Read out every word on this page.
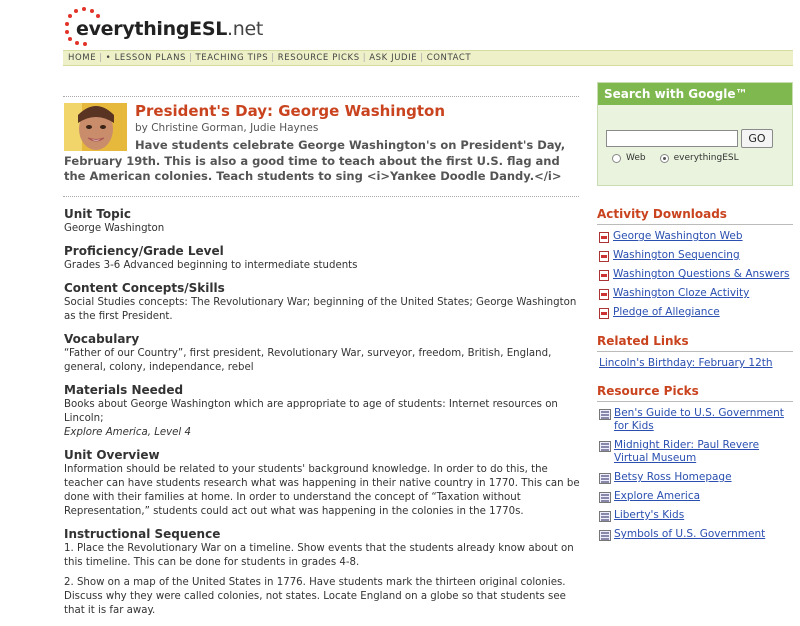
everythingESL.net
HOME | • LESSON PLANS | TEACHING TIPS | RESOURCE PICKS | ASK JUDIE | CONTACT
President's Day: George Washington
by Christine Gorman, Judie Haynes
Have students celebrate George Washington's on President's Day, February 19th. This is also a good time to teach about the first U.S. flag and the American colonies. Teach students to sing <i>Yankee Doodle Dandy.</i>
Unit Topic
George Washington
Proficiency/Grade Level
Grades 3-6 Advanced beginning to intermediate students
Content Concepts/Skills
Social Studies concepts: The Revolutionary War; beginning of the United States; George Washington as the first President.
Vocabulary
“Father of our Country”, first president, Revolutionary War, surveyor, freedom, British, England, general, colony, independance, rebel
Materials Needed
Books about George Washington which are appropriate to age of students: Internet resources on Lincoln;
Explore America, Level 4
Unit Overview
Information should be related to your students' background knowledge. In order to do this, the teacher can have students research what was happening in their native country in 1770. This can be done with their families at home. In order to understand the concept of “Taxation without Representation,” students could act out what was happening in the colonies in the 1770s.
Instructional Sequence

1. Place the Revolutionary War on a timeline. Show events that the students already know about on this timeline. This can be done for students in grades 4-8.

2. Show on a map of the United States in 1776. Have students mark the thirteen original colonies. Discuss why they were called colonies, not states. Locate England on a globe so that students see that it is far away.

Search with Google™
GO
Web	everythingESL
Activity Downloads
George Washington Web
Washington Sequencing
Washington Questions & Answers
Washington Cloze Activity
Pledge of Allegiance
Related Links
Lincoln's Birthday: February 12th
Resource Picks
Ben's Guide to U.S. Government for Kids
Midnight Rider: Paul Revere Virtual Museum
Betsy Ross Homepage
Explore America
Liberty's Kids
Symbols of U.S. Government
